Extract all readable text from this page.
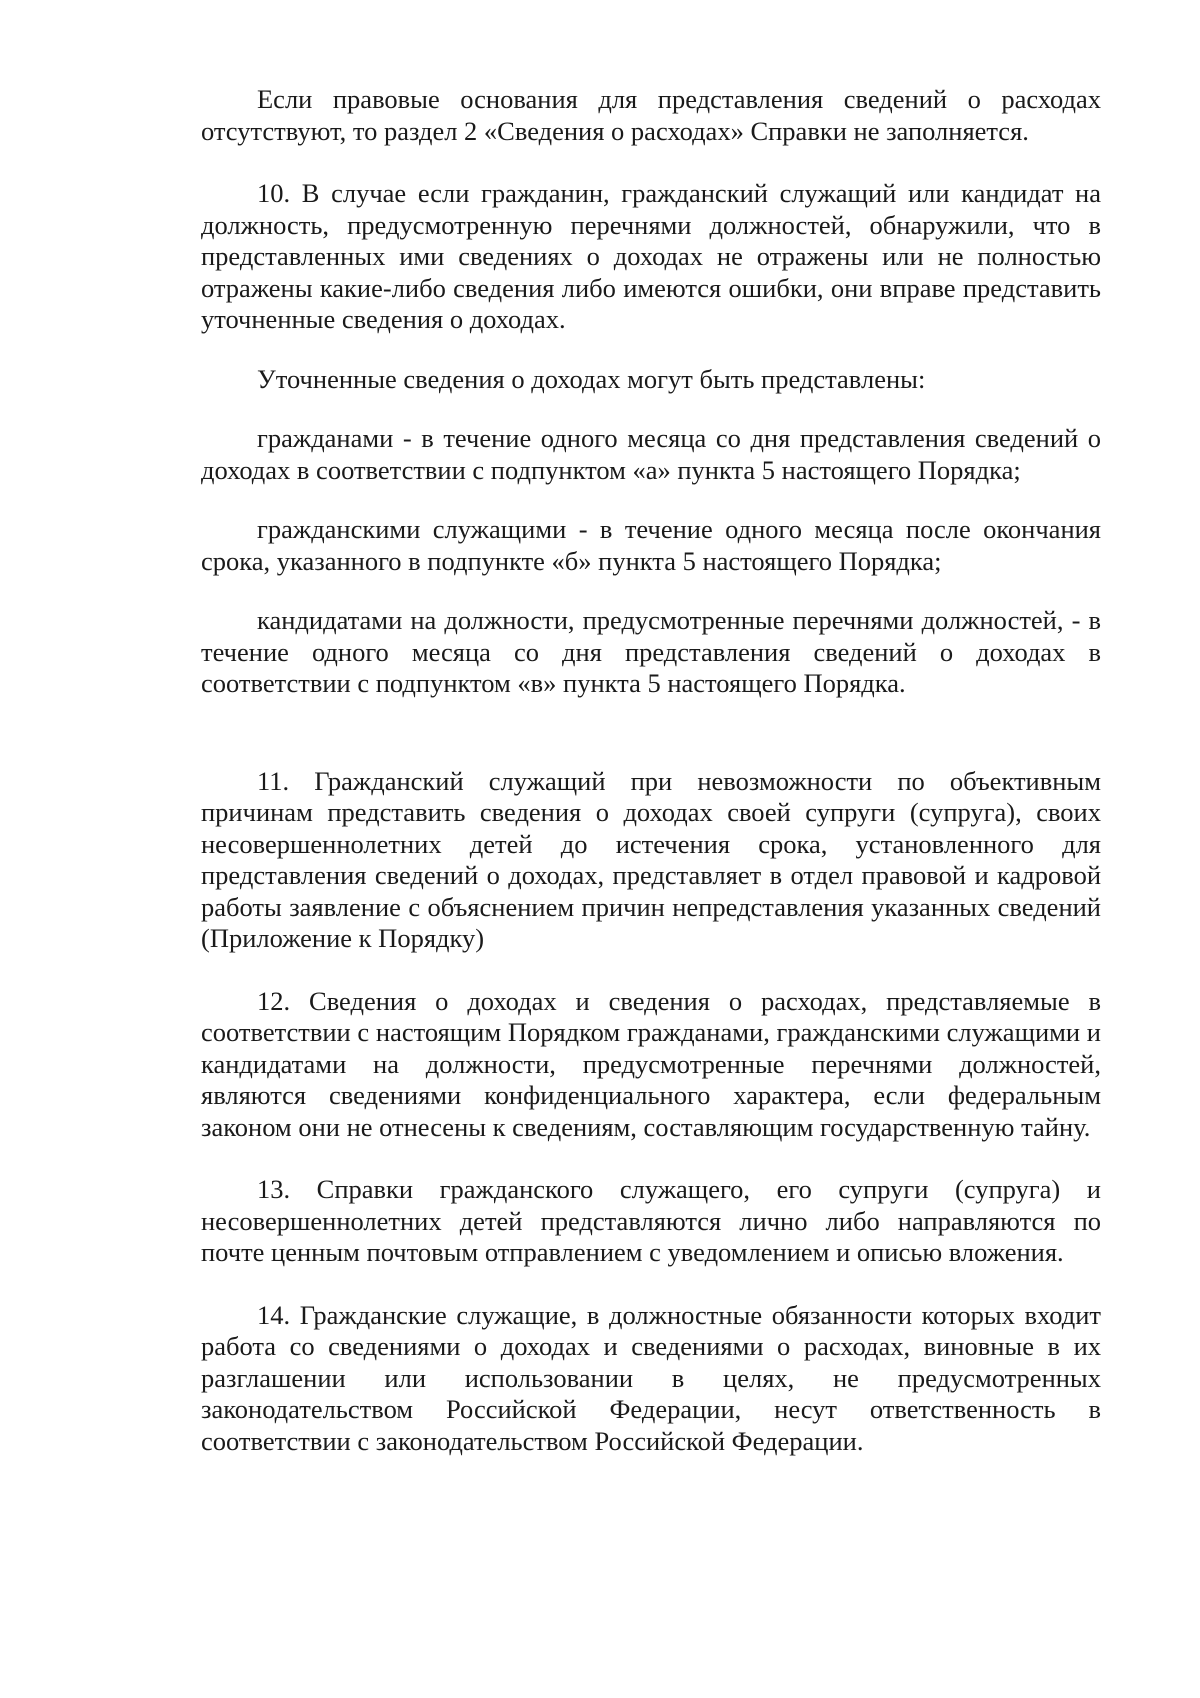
Если правовые основания для представления сведений о расходах отсутствуют, то раздел 2 «Сведения о расходах» Справки не заполняется.

10. В случае если гражданин, гражданский служащий или кандидат на должность, предусмотренную перечнями должностей, обнаружили, что в представленных ими сведениях о доходах не отражены или не полностью отражены какие-либо сведения либо имеются ошибки, они вправе представить уточненные сведения о доходах.

Уточненные сведения о доходах могут быть представлены:

гражданами - в течение одного месяца со дня представления сведений о доходах в соответствии с подпунктом «а» пункта 5 настоящего Порядка;

гражданскими служащими - в течение одного месяца после окончания срока, указанного в подпункте «б» пункта 5 настоящего Порядка;

кандидатами на должности, предусмотренные перечнями должностей, - в течение одного месяца со дня представления сведений о доходах в соответствии с подпунктом «в» пункта 5 настоящего Порядка.

11. Гражданский служащий при невозможности по объективным причинам представить сведения о доходах своей супруги (супруга), своих несовершеннолетних детей до истечения срока, установленного для представления сведений о доходах, представляет в отдел правовой и кадровой работы заявление с объяснением причин непредставления указанных сведений (Приложение к Порядку)

12. Сведения о доходах и сведения о расходах, представляемые в соответствии с настоящим Порядком гражданами, гражданскими служащими и кандидатами на должности, предусмотренные перечнями должностей, являются сведениями конфиденциального характера, если федеральным законом они не отнесены к сведениям, составляющим государственную тайну.

13. Справки гражданского служащего, его супруги (супруга) и несовершеннолетних детей представляются лично либо направляются по почте ценным почтовым отправлением с уведомлением и описью вложения.

14. Гражданские служащие, в должностные обязанности которых входит работа со сведениями о доходах и сведениями о расходах, виновные в их разглашении или использовании в целях, не предусмотренных законодательством Российской Федерации, несут ответственность в соответствии с законодательством Российской Федерации.
